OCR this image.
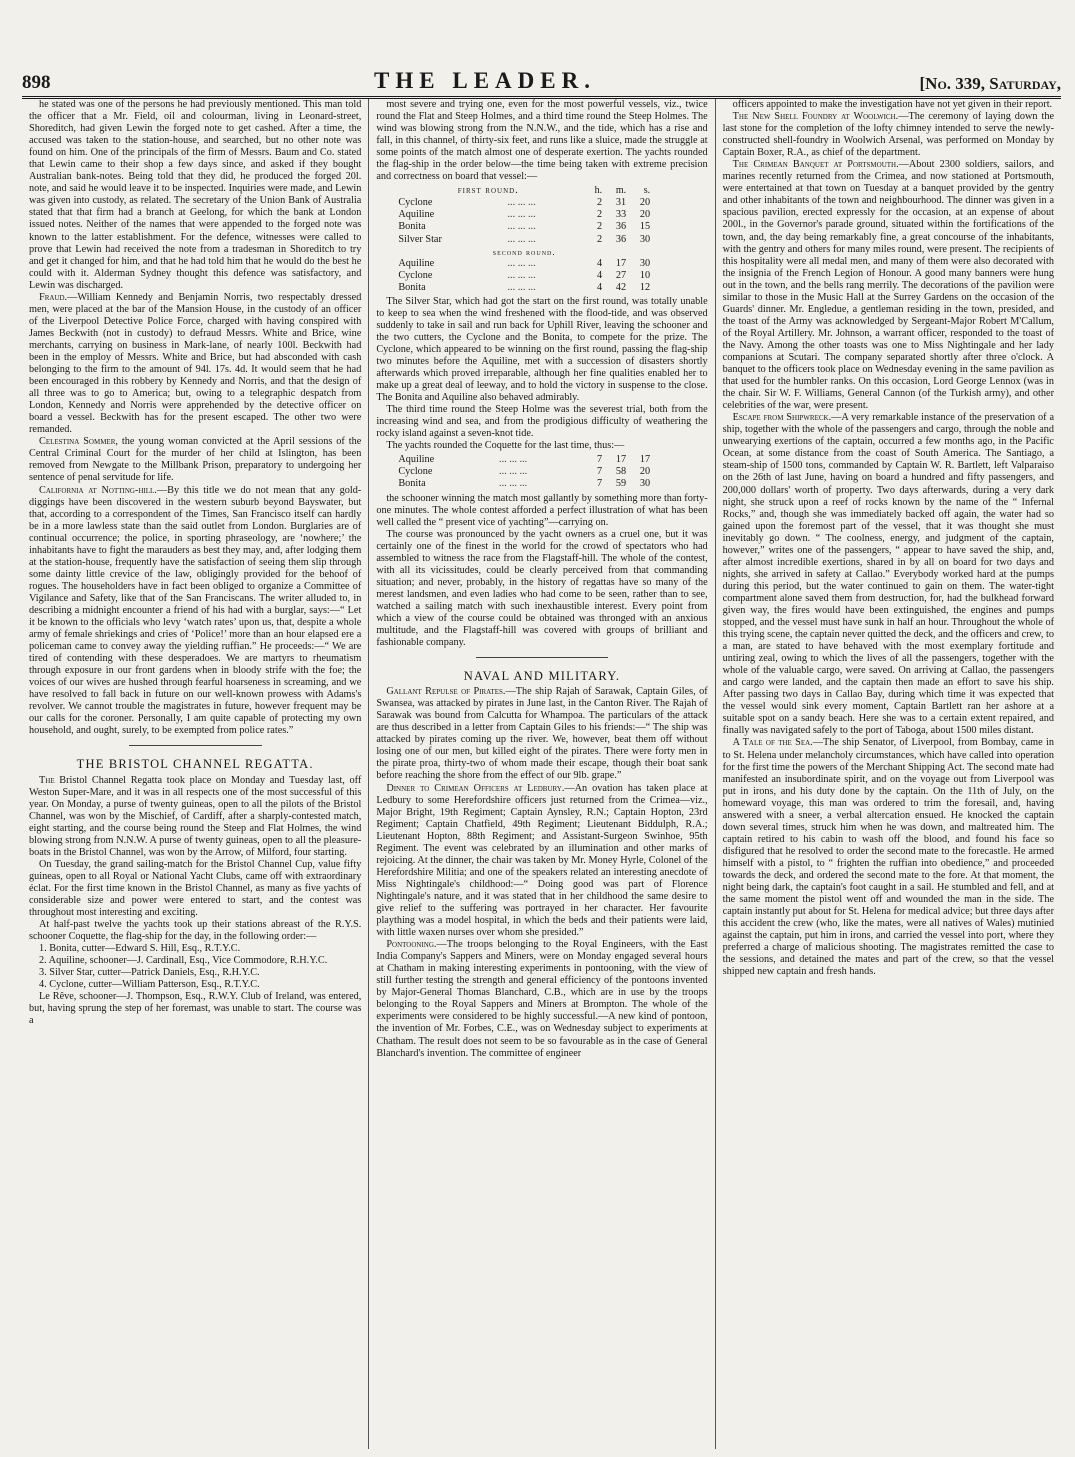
898	THE LEADER.	[No. 339, Saturday,

he stated was one of the persons he had previously mentioned. This man told the officer that a Mr. Field, oil and colourman, living in Leonard-street, Shoreditch, had given Lewin the forged note to get cashed. After a time, the accused was taken to the station-house, and searched, but no other note was found on him. One of the principals of the firm of Messrs. Baum and Co. stated that Lewin came to their shop a few days since, and asked if they bought Australian bank-notes. Being told that they did, he produced the forged 20l. note, and said he would leave it to be inspected. Inquiries were made, and Lewin was given into custody, as related. The secretary of the Union Bank of Australia stated that that firm had a branch at Geelong, for which the bank at London issued notes. Neither of the names that were appended to the forged note was known to the latter establishment. For the defence, witnesses were called to prove that Lewin had received the note from a tradesman in Shoreditch to try and get it changed for him, and that he had told him that he would do the best he could with it. Alderman Sydney thought this defence was satisfactory, and Lewin was discharged.

Fraud.—William Kennedy and Benjamin Norris, two respectably dressed men, were placed at the bar of the Mansion House, in the custody of an officer of the Liverpool Detective Police Force, charged with having conspired with James Beckwith (not in custody) to defraud Messrs. White and Brice, wine merchants, carrying on business in Mark-lane, of nearly 100l. Beckwith had been in the employ of Messrs. White and Brice, but had absconded with cash belonging to the firm to the amount of 94l. 17s. 4d. It would seem that he had been encouraged in this robbery by Kennedy and Norris, and that the design of all three was to go to America; but, owing to a telegraphic despatch from London, Kennedy and Norris were apprehended by the detective officer on board a vessel. Beckwith has for the present escaped. The other two were remanded.

Celestina Sommer, the young woman convicted at the April sessions of the Central Criminal Court for the murder of her child at Islington, has been removed from Newgate to the Millbank Prison, preparatory to undergoing her sentence of penal servitude for life.

California at Notting-hill.—By this title we do not mean that any gold-diggings have been discovered in the western suburb beyond Bayswater, but that, according to a correspondent of the Times, San Francisco itself can hardly be in a more lawless state than the said outlet from London. Burglaries are of continual occurrence; the police, in sporting phraseology, are ‘nowhere;’ the inhabitants have to fight the marauders as best they may, and, after lodging them at the station-house, frequently have the satisfaction of seeing them slip through some dainty little crevice of the law, obligingly provided for the behoof of rogues. The householders have in fact been obliged to organize a Committee of Vigilance and Safety, like that of the San Franciscans. The writer alluded to, in describing a midnight encounter a friend of his had with a burglar, says:—“ Let it be known to the officials who levy ‘watch rates’ upon us, that, despite a whole army of female shriekings and cries of ‘Police!’ more than an hour elapsed ere a policeman came to convey away the yielding ruffian.” He proceeds:—“ We are tired of contending with these desperadoes. We are martyrs to rheumatism through exposure in our front gardens when in bloody strife with the foe; the voices of our wives are hushed through fearful hoarseness in screaming, and we have resolved to fall back in future on our well-known prowess with Adams's revolver. We cannot trouble the magistrates in future, however frequent may be our calls for the coroner. Personally, I am quite capable of protecting my own household, and ought, surely, to be exempted from police rates.”

THE BRISTOL CHANNEL REGATTA.

The Bristol Channel Regatta took place on Monday and Tuesday last, off Weston Super-Mare, and it was in all respects one of the most successful of this year. On Monday, a purse of twenty guineas, open to all the pilots of the Bristol Channel, was won by the Mischief, of Cardiff, after a sharply-contested match, eight starting, and the course being round the Steep and Flat Holmes, the wind blowing strong from N.N.W. A purse of twenty guineas, open to all the pleasure-boats in the Bristol Channel, was won by the Arrow, of Milford, four starting.

On Tuesday, the grand sailing-match for the Bristol Channel Cup, value fifty guineas, open to all Royal or National Yacht Clubs, came off with extraordinary éclat. For the first time known in the Bristol Channel, as many as five yachts of considerable size and power were entered to start, and the contest was throughout most interesting and exciting.

At half-past twelve the yachts took up their stations abreast of the R.Y.S. schooner Coquette, the flag-ship for the day, in the following order:—

1. Bonita, cutter—Edward S. Hill, Esq., R.T.Y.C.

2. Aquiline, schooner—J. Cardinall, Esq., Vice Commodore, R.H.Y.C.

3. Silver Star, cutter—Patrick Daniels, Esq., R.H.Y.C.

4. Cyclone, cutter—William Patterson, Esq., R.T.Y.C.

Le Rêve, schooner—J. Thompson, Esq., R.W.Y. Club of Ireland, was entered, but, having sprung the step of her foremast, was unable to start. The course was a

most severe and trying one, even for the most powerful vessels, viz., twice round the Flat and Steep Holmes, and a third time round the Steep Holmes. The wind was blowing strong from the N.N.W., and the tide, which has a rise and fall, in this channel, of thirty-six feet, and runs like a sluice, made the struggle at some points of the match almost one of desperate exertion. The yachts rounded the flag-ship in the order below—the time being taken with extreme precision and correctness on board that vessel:—

first round.		h.	m.	s.
Cyclone	... ... ...	2	31	20
Aquiline	... ... ...	2	33	20
Bonita	... ... ...	2	36	15
Silver Star	... ... ...	2	36	30
second round.				
Aquiline	... ... ...	4	17	30
Cyclone	... ... ...	4	27	10
Bonita	... ... ...	4	42	12

The Silver Star, which had got the start on the first round, was totally unable to keep to sea when the wind freshened with the flood-tide, and was observed suddenly to take in sail and run back for Uphill River, leaving the schooner and the two cutters, the Cyclone and the Bonita, to compete for the prize. The Cyclone, which appeared to be winning on the first round, passing the flag-ship two minutes before the Aquiline, met with a succession of disasters shortly afterwards which proved irreparable, although her fine qualities enabled her to make up a great deal of leeway, and to hold the victory in suspense to the close. The Bonita and Aquiline also behaved admirably.

The third time round the Steep Holme was the severest trial, both from the increasing wind and sea, and from the prodigious difficulty of weathering the rocky island against a seven-knot tide.

The yachts rounded the Coquette for the last time, thus:—

Aquiline	... ... ...	7	17	17
Cyclone	... ... ...	7	58	20
Bonita	... ... ...	7	59	30

the schooner winning the match most gallantly by something more than forty-one minutes. The whole contest afforded a perfect illustration of what has been well called the “ present vice of yachting”—carrying on.

The course was pronounced by the yacht owners as a cruel one, but it was certainly one of the finest in the world for the crowd of spectators who had assembled to witness the race from the Flagstaff-hill. The whole of the contest, with all its vicissitudes, could be clearly perceived from that commanding situation; and never, probably, in the history of regattas have so many of the merest landsmen, and even ladies who had come to be seen, rather than to see, watched a sailing match with such inexhaustible interest. Every point from which a view of the course could be obtained was thronged with an anxious multitude, and the Flagstaff-hill was covered with groups of brilliant and fashionable company.

NAVAL AND MILITARY.

Gallant Repulse of Pirates.—The ship Rajah of Sarawak, Captain Giles, of Swansea, was attacked by pirates in June last, in the Canton River. The Rajah of Sarawak was bound from Calcutta for Whampoa. The particulars of the attack are thus described in a letter from Captain Giles to his friends:—“ The ship was attacked by pirates coming up the river. We, however, beat them off without losing one of our men, but killed eight of the pirates. There were forty men in the pirate proa, thirty-two of whom made their escape, though their boat sank before reaching the shore from the effect of our 9lb. grape.”

Dinner to Crimean Officers at Ledbury.—An ovation has taken place at Ledbury to some Herefordshire officers just returned from the Crimea—viz., Major Bright, 19th Regiment; Captain Aynsley, R.N.; Captain Hopton, 23rd Regiment; Captain Chatfield, 49th Regiment; Lieutenant Biddulph, R.A.; Lieutenant Hopton, 88th Regiment; and Assistant-Surgeon Swinhoe, 95th Regiment. The event was celebrated by an illumination and other marks of rejoicing. At the dinner, the chair was taken by Mr. Money Hyrle, Colonel of the Herefordshire Militia; and one of the speakers related an interesting anecdote of Miss Nightingale's childhood:—“ Doing good was part of Florence Nightingale's nature, and it was stated that in her childhood the same desire to give relief to the suffering was portrayed in her character. Her favourite plaything was a model hospital, in which the beds and their patients were laid, with little waxen nurses over whom she presided.”

Pontooning.—The troops belonging to the Royal Engineers, with the East India Company's Sappers and Miners, were on Monday engaged several hours at Chatham in making interesting experiments in pontooning, with the view of still further testing the strength and general efficiency of the pontoons invented by Major-General Thomas Blanchard, C.B., which are in use by the troops belonging to the Royal Sappers and Miners at Brompton. The whole of the experiments were considered to be highly successful.—A new kind of pontoon, the invention of Mr. Forbes, C.E., was on Wednesday subject to experiments at Chatham. The result does not seem to be so favourable as in the case of General Blanchard's invention. The committee of engineer

officers appointed to make the investigation have not yet given in their report.

The New Shell Foundry at Woolwich.—The ceremony of laying down the last stone for the completion of the lofty chimney intended to serve the newly-constructed shell-foundry in Woolwich Arsenal, was performed on Monday by Captain Boxer, R.A., as chief of the department.

The Crimean Banquet at Portsmouth.—About 2300 soldiers, sailors, and marines recently returned from the Crimea, and now stationed at Portsmouth, were entertained at that town on Tuesday at a banquet provided by the gentry and other inhabitants of the town and neighbourhood. The dinner was given in a spacious pavilion, erected expressly for the occasion, at an expense of about 200l., in the Governor's parade ground, situated within the fortifications of the town, and, the day being remarkably fine, a great concourse of the inhabitants, with the gentry and others for many miles round, were present. The recipients of this hospitality were all medal men, and many of them were also decorated with the insignia of the French Legion of Honour. A good many banners were hung out in the town, and the bells rang merrily. The decorations of the pavilion were similar to those in the Music Hall at the Surrey Gardens on the occasion of the Guards' dinner. Mr. Engledue, a gentleman residing in the town, presided, and the toast of the Army was acknowledged by Sergeant-Major Robert M'Callum, of the Royal Artillery. Mr. Johnson, a warrant officer, responded to the toast of the Navy. Among the other toasts was one to Miss Nightingale and her lady companions at Scutari. The company separated shortly after three o'clock. A banquet to the officers took place on Wednesday evening in the same pavilion as that used for the humbler ranks. On this occasion, Lord George Lennox (was in the chair. Sir W. F. Williams, General Cannon (of the Turkish army), and other celebrities of the war, were present.

Escape from Shipwreck.—A very remarkable instance of the preservation of a ship, together with the whole of the passengers and cargo, through the noble and unwearying exertions of the captain, occurred a few months ago, in the Pacific Ocean, at some distance from the coast of South America. The Santiago, a steam-ship of 1500 tons, commanded by Captain W. R. Bartlett, left Valparaiso on the 26th of last June, having on board a hundred and fifty passengers, and 200,000 dollars' worth of property. Two days afterwards, during a very dark night, she struck upon a reef of rocks known by the name of the “ Infernal Rocks,” and, though she was immediately backed off again, the water had so gained upon the foremost part of the vessel, that it was thought she must inevitably go down. “ The coolness, energy, and judgment of the captain, however,” writes one of the passengers, “ appear to have saved the ship, and, after almost incredible exertions, shared in by all on board for two days and nights, she arrived in safety at Callao.” Everybody worked hard at the pumps during this period, but the water continued to gain on them. The water-tight compartment alone saved them from destruction, for, had the bulkhead forward given way, the fires would have been extinguished, the engines and pumps stopped, and the vessel must have sunk in half an hour. Throughout the whole of this trying scene, the captain never quitted the deck, and the officers and crew, to a man, are stated to have behaved with the most exemplary fortitude and untiring zeal, owing to which the lives of all the passengers, together with the whole of the valuable cargo, were saved. On arriving at Callao, the passengers and cargo were landed, and the captain then made an effort to save his ship. After passing two days in Callao Bay, during which time it was expected that the vessel would sink every moment, Captain Bartlett ran her ashore at a suitable spot on a sandy beach. Here she was to a certain extent repaired, and finally was navigated safely to the port of Taboga, about 1500 miles distant.

A Tale of the Sea.—The ship Senator, of Liverpool, from Bombay, came in to St. Helena under melancholy circumstances, which have called into operation for the first time the powers of the Merchant Shipping Act. The second mate had manifested an insubordinate spirit, and on the voyage out from Liverpool was put in irons, and his duty done by the captain. On the 11th of July, on the homeward voyage, this man was ordered to trim the foresail, and, having answered with a sneer, a verbal altercation ensued. He knocked the captain down several times, struck him when he was down, and maltreated him. The captain retired to his cabin to wash off the blood, and found his face so disfigured that he resolved to order the second mate to the forecastle. He armed himself with a pistol, to “ frighten the ruffian into obedience,” and proceeded towards the deck, and ordered the second mate to the fore. At that moment, the night being dark, the captain's foot caught in a sail. He stumbled and fell, and at the same moment the pistol went off and wounded the man in the side. The captain instantly put about for St. Helena for medical advice; but three days after this accident the crew (who, like the mates, were all natives of Wales) mutinied against the captain, put him in irons, and carried the vessel into port, where they preferred a charge of malicious shooting. The magistrates remitted the case to the sessions, and detained the mates and part of the crew, so that the vessel shipped new captain and fresh hands.
